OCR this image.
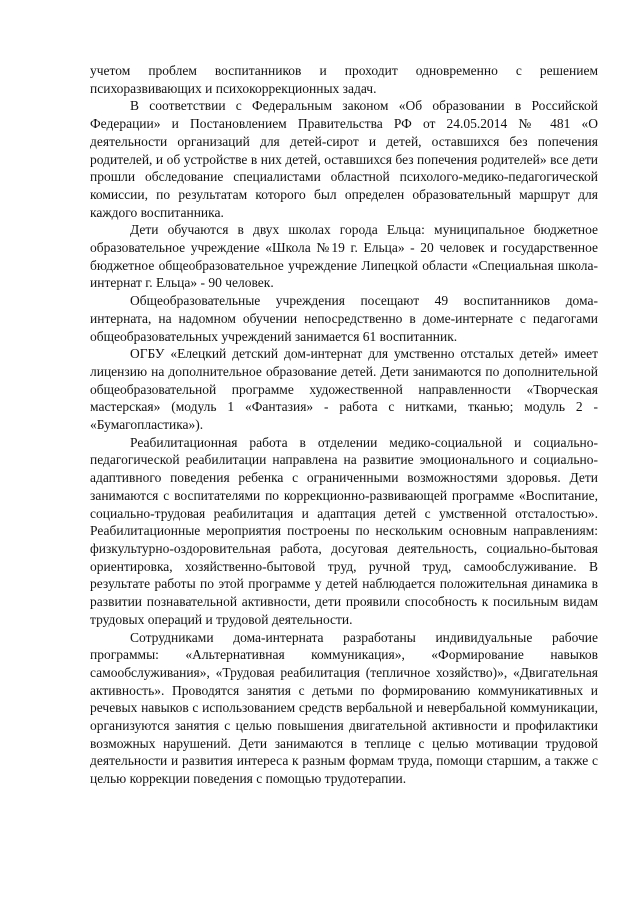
учетом проблем воспитанников и проходит одновременно с решением психоразвивающих и психокоррекционных задач.

В соответствии с Федеральным законом «Об образовании в Российской Федерации» и Постановлением Правительства РФ от 24.05.2014 № 481 «О деятельности организаций для детей-сирот и детей, оставшихся без попечения родителей, и об устройстве в них детей, оставшихся без попечения родителей» все дети прошли обследование специалистами областной психолого-медико-педагогической комиссии, по результатам которого был определен образовательный маршрут для каждого воспитанника.

Дети обучаются в двух школах города Ельца: муниципальное бюджетное образовательное учреждение «Школа №19 г. Ельца» - 20 человек и государственное бюджетное общеобразовательное учреждение Липецкой области «Специальная школа-интернат г. Ельца» - 90 человек.

Общеобразовательные учреждения посещают 49 воспитанников дома-интерната, на надомном обучении непосредственно в доме-интернате с педагогами общеобразовательных учреждений занимается 61 воспитанник.

ОГБУ «Елецкий детский дом-интернат для умственно отсталых детей» имеет лицензию на дополнительное образование детей. Дети занимаются по дополнительной общеобразовательной программе художественной направленности «Творческая мастерская» (модуль 1 «Фантазия» - работа с нитками, тканью; модуль 2 - «Бумагопластика»).

Реабилитационная работа в отделении медико-социальной и социально-педагогической реабилитации направлена на развитие эмоционального и социально-адаптивного поведения ребенка с ограниченными возможностями здоровья. Дети занимаются с воспитателями по коррекционно-развивающей программе «Воспитание, социально-трудовая реабилитация и адаптация детей с умственной отсталостью». Реабилитационные мероприятия построены по нескольким основным направлениям: физкультурно-оздоровительная работа, досуговая деятельность, социально-бытовая ориентировка, хозяйственно-бытовой труд, ручной труд, самообслуживание. В результате работы по этой программе у детей наблюдается положительная динамика в развитии познавательной активности, дети проявили способность к посильным видам трудовых операций и трудовой деятельности.

Сотрудниками дома-интерната разработаны индивидуальные рабочие программы: «Альтернативная коммуникация», «Формирование навыков самообслуживания», «Трудовая реабилитация (тепличное хозяйство)», «Двигательная активность». Проводятся занятия с детьми по формированию коммуникативных и речевых навыков с использованием средств вербальной и невербальной коммуникации, организуются занятия с целью повышения двигательной активности и профилактики возможных нарушений. Дети занимаются в теплице с целью мотивации трудовой деятельности и развития интереса к разным формам труда, помощи старшим, а также с целью коррекции поведения с помощью трудотерапии.
